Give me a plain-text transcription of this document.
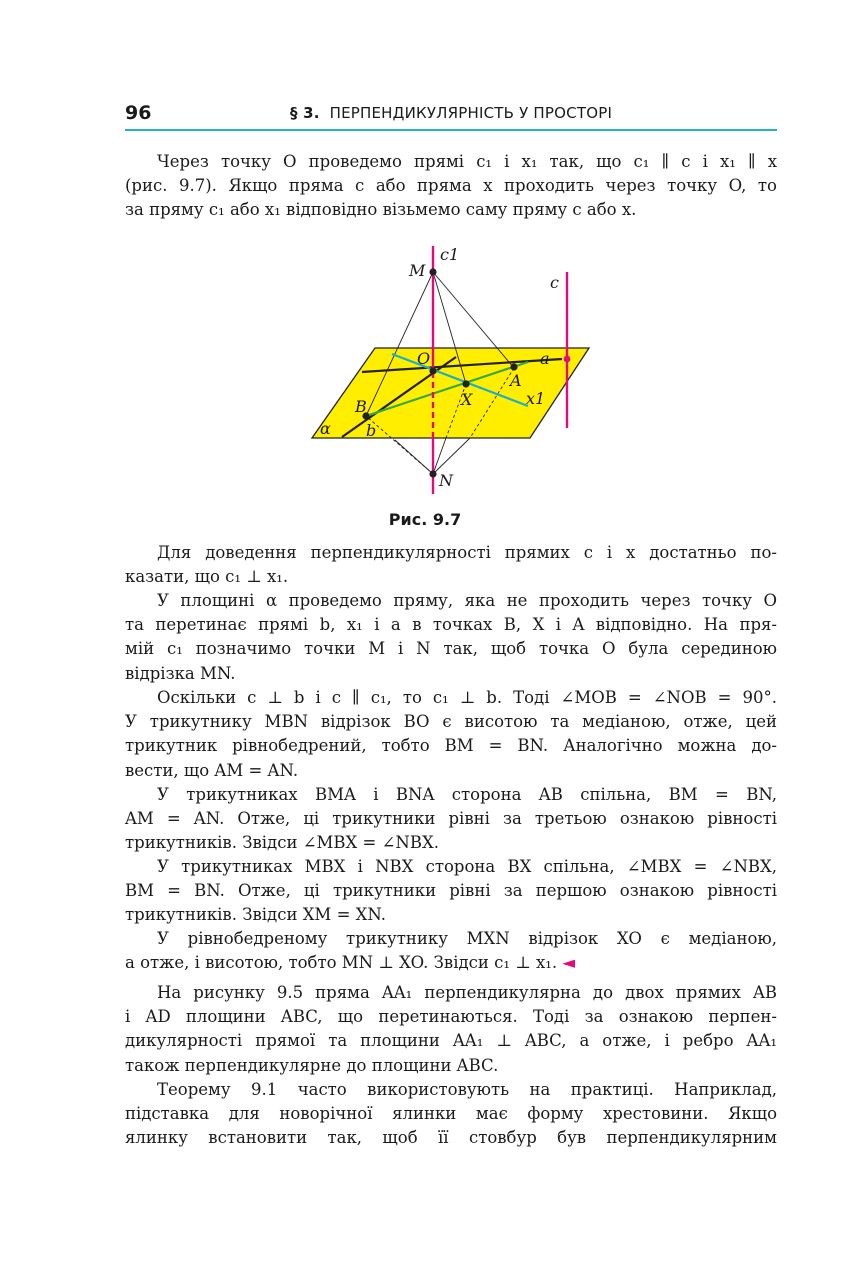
96	§ 3. ПЕРПЕНДИКУЛЯРНІСТЬ У ПРОСТОРІ

Через точку O проведемо прямі c₁ і x₁ так, що c₁ ∥ c і x₁ ∥ x
(рис. 9.7). Якщо пряма c або пряма x проходить через точку O, то
за пряму c₁ або x₁ відповідно візьмемо саму пряму c або x.

c1
c
M
N
O	a
A
x1
X
B
b
α
Рис. 9.7

Для доведення перпендикулярності прямих c і x достатньо по-
казати, що c₁ ⊥ x₁.

У площині α проведемо пряму, яка не проходить через точку O
та перетинає прямі b, x₁ і a в точках B, X і A відповідно. На пря-
мій c₁ позначимо точки M і N так, щоб точка O була серединою
відрізка MN.

Оскільки c ⊥ b і c ∥ c₁, то c₁ ⊥ b. Тоді ∠MOB = ∠NOB = 90°.
У трикутнику MBN відрізок BO є висотою та медіаною, отже, цей
трикутник рівнобедрений, тобто BM = BN. Аналогічно можна до-
вести, що AM = AN.

У трикутниках BMA і BNA сторона AB спільна, BM = BN,
AM = AN. Отже, ці трикутники рівні за третьою ознакою рівності
трикутників. Звідси ∠MBX = ∠NBX.

У трикутниках MBX і NBX сторона BX спільна, ∠MBX = ∠NBX,
BM = BN. Отже, ці трикутники рівні за першою ознакою рівності
трикутників. Звідси XM = XN.

У рівнобедреному трикутнику MXN відрізок XO є медіаною,
а отже, і висотою, тобто MN ⊥ XO. Звідси c₁ ⊥ x₁. ◄

На рисунку 9.5 пряма AA₁ перпендикулярна до двох прямих AB
і AD площини ABC, що перетинаються. Тоді за ознакою перпен-
дикулярності прямої та площини AA₁ ⊥ ABC, а отже, і ребро AA₁
також перпендикулярне до площини ABC.

Теорему 9.1 часто використовують на практиці. Наприклад,
підставка для новорічної ялинки має форму хрестовини. Якщо
ялинку встановити так, щоб її стовбур був перпендикулярним
